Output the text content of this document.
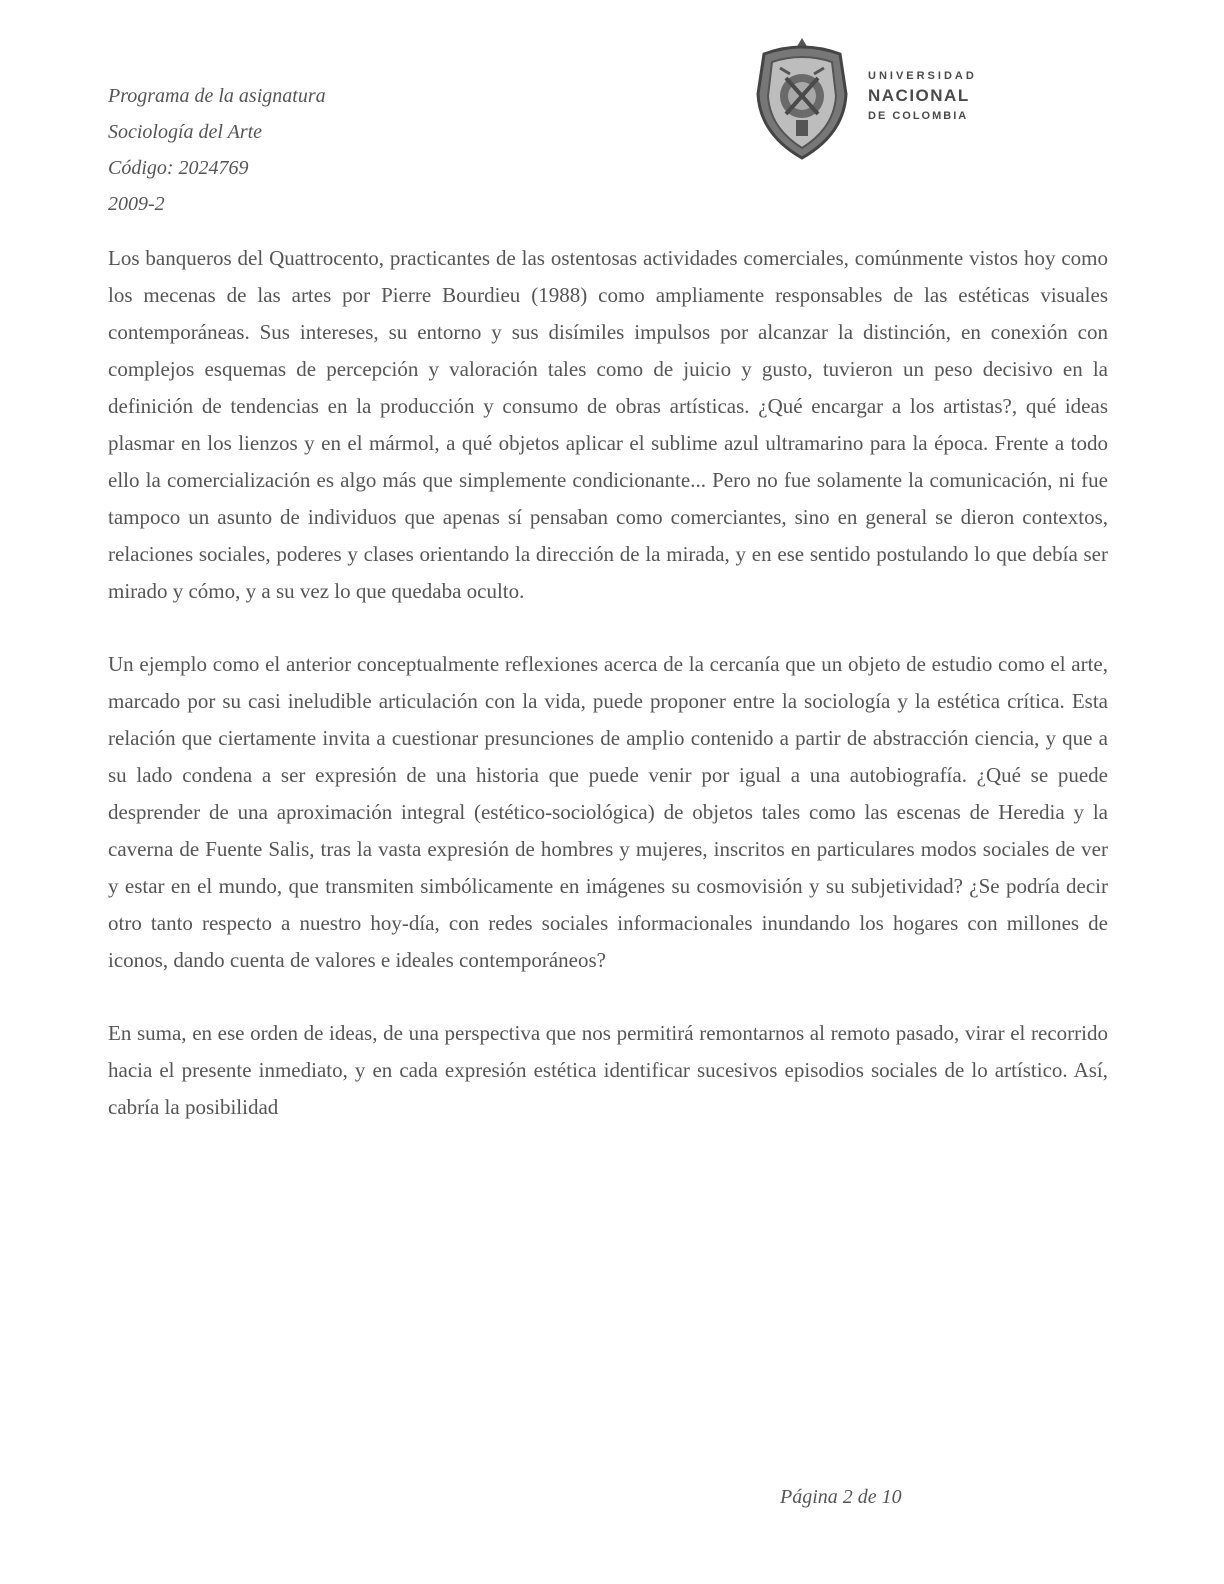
Programa de la asignatura
Sociología del Arte
Código: 2024769
2009-2
UNIVERSIDAD
NACIONAL
DE COLOMBIA

Los banqueros del Quattrocento, practicantes de las ostentosas actividades comerciales, comúnmente vistos hoy como los mecenas de las artes por Pierre Bourdieu (1988) como ampliamente responsables de las estéticas visuales contemporáneas. Sus intereses, su entorno y sus disímiles impulsos por alcanzar la distinción, en conexión con complejos esquemas de percepción y valoración tales como de juicio y gusto, tuvieron un peso decisivo en la definición de tendencias en la producción y consumo de obras artísticas. ¿Qué encargar a los artistas?, qué ideas plasmar en los lienzos y en el mármol, a qué objetos aplicar el sublime azul ultramarino para la época. Frente a todo ello la comercialización es algo más que simplemente condicionante... Pero no fue solamente la comunicación, ni fue tampoco un asunto de individuos que apenas sí pensaban como comerciantes, sino en general se dieron contextos, relaciones sociales, poderes y clases orientando la dirección de la mirada, y en ese sentido postulando lo que debía ser mirado y cómo, y a su vez lo que quedaba oculto.

Un ejemplo como el anterior conceptualmente reflexiones acerca de la cercanía que un objeto de estudio como el arte, marcado por su casi ineludible articulación con la vida, puede proponer entre la sociología y la estética crítica. Esta relación que ciertamente invita a cuestionar presunciones de amplio contenido a partir de abstracción ciencia, y que a su lado condena a ser expresión de una historia que puede venir por igual a una autobiografía. ¿Qué se puede desprender de una aproximación integral (estético-sociológica) de objetos tales como las escenas de Heredia y la caverna de Fuente Salis, tras la vasta expresión de hombres y mujeres, inscritos en particulares modos sociales de ver y estar en el mundo, que transmiten simbólicamente en imágenes su cosmovisión y su subjetividad? ¿Se podría decir otro tanto respecto a nuestro hoy-día, con redes sociales informacionales inundando los hogares con millones de iconos, dando cuenta de valores e ideales contemporáneos?

En suma, en ese orden de ideas, de una perspectiva que nos permitirá remontarnos al remoto pasado, virar el recorrido hacia el presente inmediato, y en cada expresión estética identificar sucesivos episodios sociales de lo artístico. Así, cabría la posibilidad

Página 2 de 10
